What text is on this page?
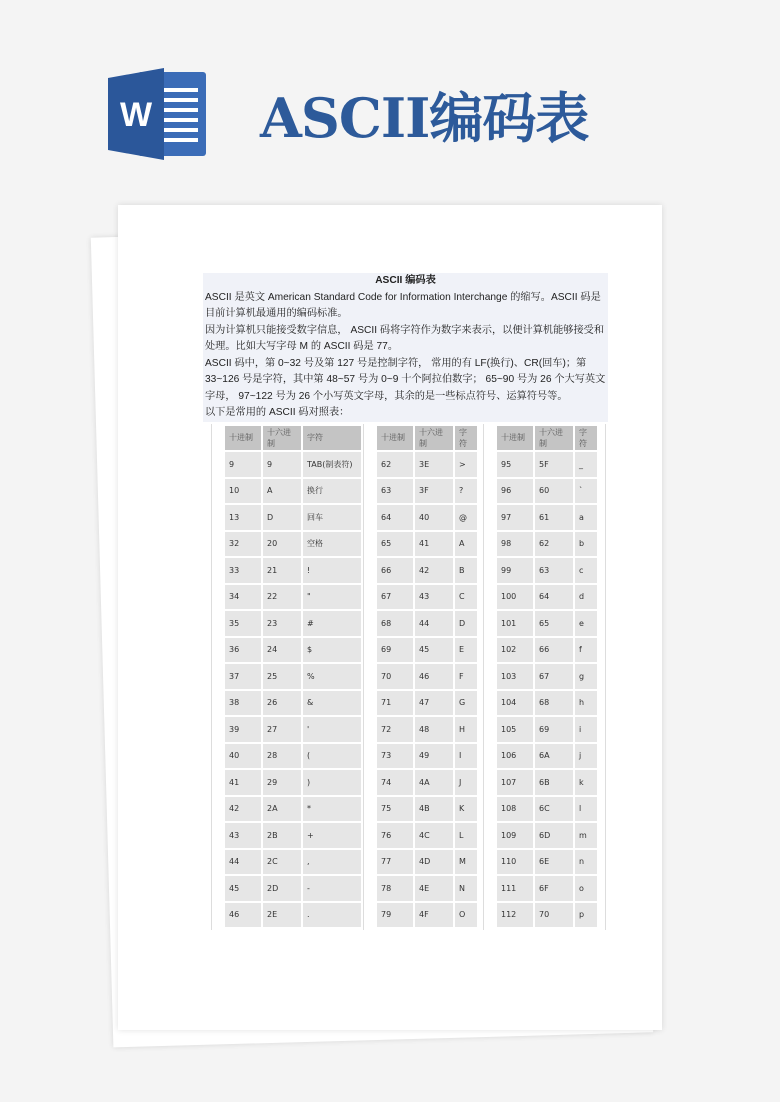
W ASCII编码表
ASCII 编码表

ASCII 是英文 American Standard Code for Information Interchange 的缩写。ASCII 码是目前计算机最通用的编码标准。

因为计算机只能接受数字信息， ASCII 码将字符作为数字来表示，以便计算机能够接受和处理。比如大写字母 M 的 ASCII 码是 77。

ASCII 码中，第 0~32 号及第 127 号是控制字符， 常用的有 LF(换行)、CR(回车)；第 33~126 号是字符，其中第 48~57 号为 0~9 十个阿拉伯数字； 65~90 号为 26 个大写英文字母， 97~122 号为 26 个小写英文字母，其余的是一些标点符号、运算符号等。

以下是常用的 ASCII 码对照表：

十进制	十六进制	字符
9	9	TAB(制表符)
10	A	换行
13	D	回车
32	20	空格
33	21	!
34	22	"
35	23	#
36	24	$
37	25	%
38	26	&
39	27	'
40	28	(
41	29	)
42	2A	*
43	2B	+
44	2C	,
45	2D	-
46	2E	.
十进制	十六进制	字符
62	3E	>
63	3F	?
64	40	@
65	41	A
66	42	B
67	43	C
68	44	D
69	45	E
70	46	F
71	47	G
72	48	H
73	49	I
74	4A	J
75	4B	K
76	4C	L
77	4D	M
78	4E	N
79	4F	O
十进制	十六进制	字符
95	5F	_
96	60	`
97	61	a
98	62	b
99	63	c
100	64	d
101	65	e
102	66	f
103	67	g
104	68	h
105	69	i
106	6A	j
107	6B	k
108	6C	l
109	6D	m
110	6E	n
111	6F	o
112	70	p
